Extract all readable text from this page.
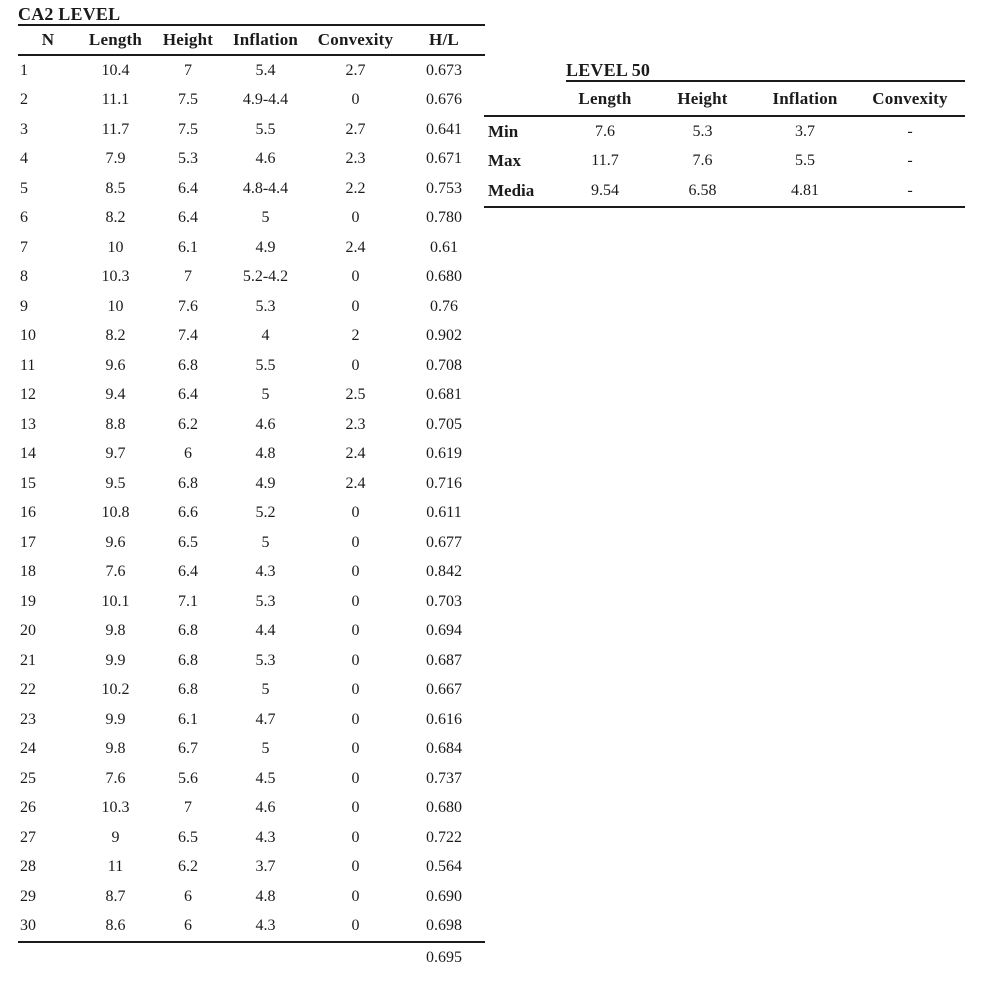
CA2 LEVEL
N	Length	Height	Inflation	Convexity	H/L
1	10.4	7	5.4	2.7	0.673
2	11.1	7.5	4.9-4.4	0	0.676
3	11.7	7.5	5.5	2.7	0.641
4	7.9	5.3	4.6	2.3	0.671
5	8.5	6.4	4.8-4.4	2.2	0.753
6	8.2	6.4	5	0	0.780
7	10	6.1	4.9	2.4	0.61
8	10.3	7	5.2-4.2	0	0.680
9	10	7.6	5.3	0	0.76
10	8.2	7.4	4	2	0.902
11	9.6	6.8	5.5	0	0.708
12	9.4	6.4	5	2.5	0.681
13	8.8	6.2	4.6	2.3	0.705
14	9.7	6	4.8	2.4	0.619
15	9.5	6.8	4.9	2.4	0.716
16	10.8	6.6	5.2	0	0.611
17	9.6	6.5	5	0	0.677
18	7.6	6.4	4.3	0	0.842
19	10.1	7.1	5.3	0	0.703
20	9.8	6.8	4.4	0	0.694
21	9.9	6.8	5.3	0	0.687
22	10.2	6.8	5	0	0.667
23	9.9	6.1	4.7	0	0.616
24	9.8	6.7	5	0	0.684
25	7.6	5.6	4.5	0	0.737
26	10.3	7	4.6	0	0.680
27	9	6.5	4.3	0	0.722
28	11	6.2	3.7	0	0.564
29	8.7	6	4.8	0	0.690
30	8.6	6	4.3	0	0.698
					0.695
LEVEL 50
	Length	Height	Inflation	Convexity
Min	7.6	5.3	3.7	-
Max	11.7	7.6	5.5	-
Media	9.54	6.58	4.81	-
